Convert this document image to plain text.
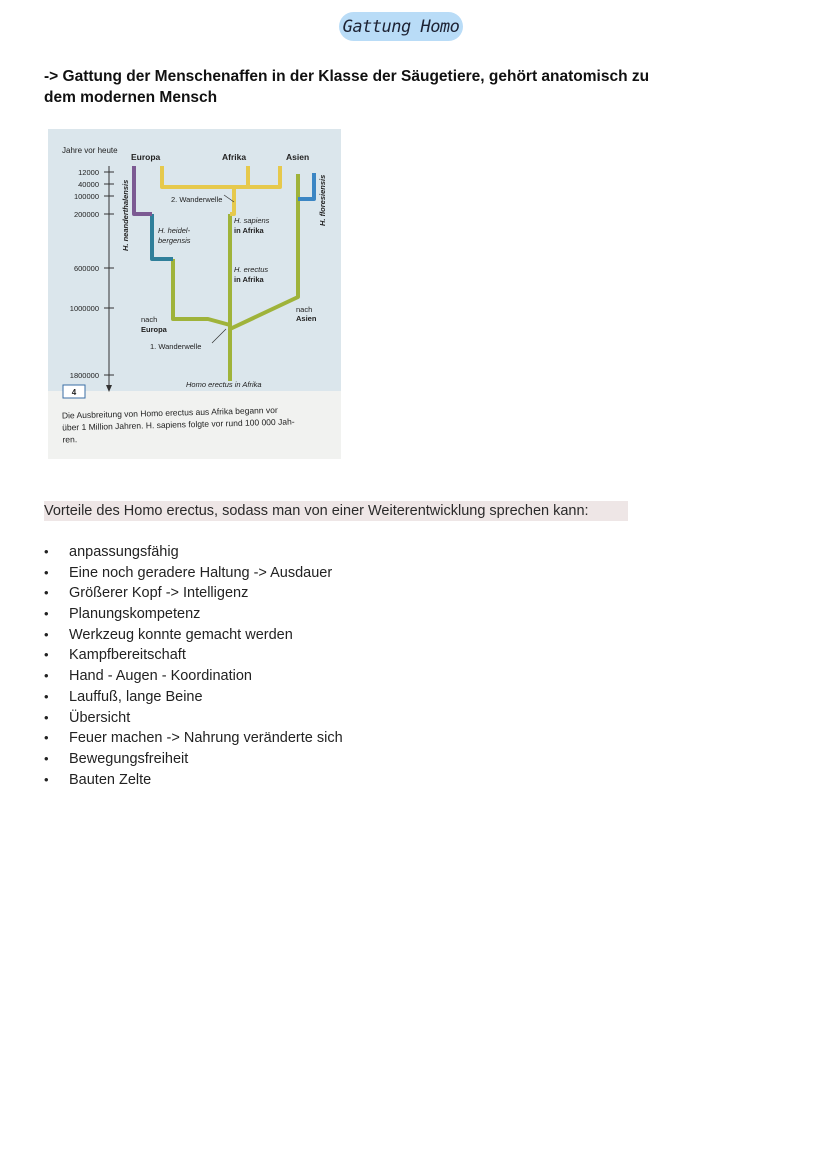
Gattung Homo
-> Gattung der Menschenaffen in der Klasse der Säugetiere, gehört anatomisch zu dem modernen Mensch
Jahre vor heute
12000
40000
100000
200000
600000
1000000
1800000
Europa	Afrika	Asien
H. neanderthalensis	H. floresiensis
H. heidel-
bergensis
H. sapiens
in Afrika
H. erectus
in Afrika
2. Wanderwelle
1. Wanderwelle
nach
Europa
nach
Asien
Homo erectus in Afrika
4
Die Ausbreitung von Homo erectus aus Afrika begann vor
über 1 Million Jahren. H. sapiens folgte vor rund 100 000 Jah-
ren.
Vorteile des Homo erectus, sodass man von einer Weiterentwicklung sprechen kann:
•	anpassungsfähig
•	Eine noch geradere Haltung -> Ausdauer
•	Größerer Kopf -> Intelligenz
•	Planungskompetenz
•	Werkzeug konnte gemacht werden
•	Kampfbereitschaft
•	Hand - Augen - Koordination
•	Lauffuß, lange Beine
•	Übersicht
•	Feuer machen -> Nahrung veränderte sich
•	Bewegungsfreiheit
•	Bauten Zelte
